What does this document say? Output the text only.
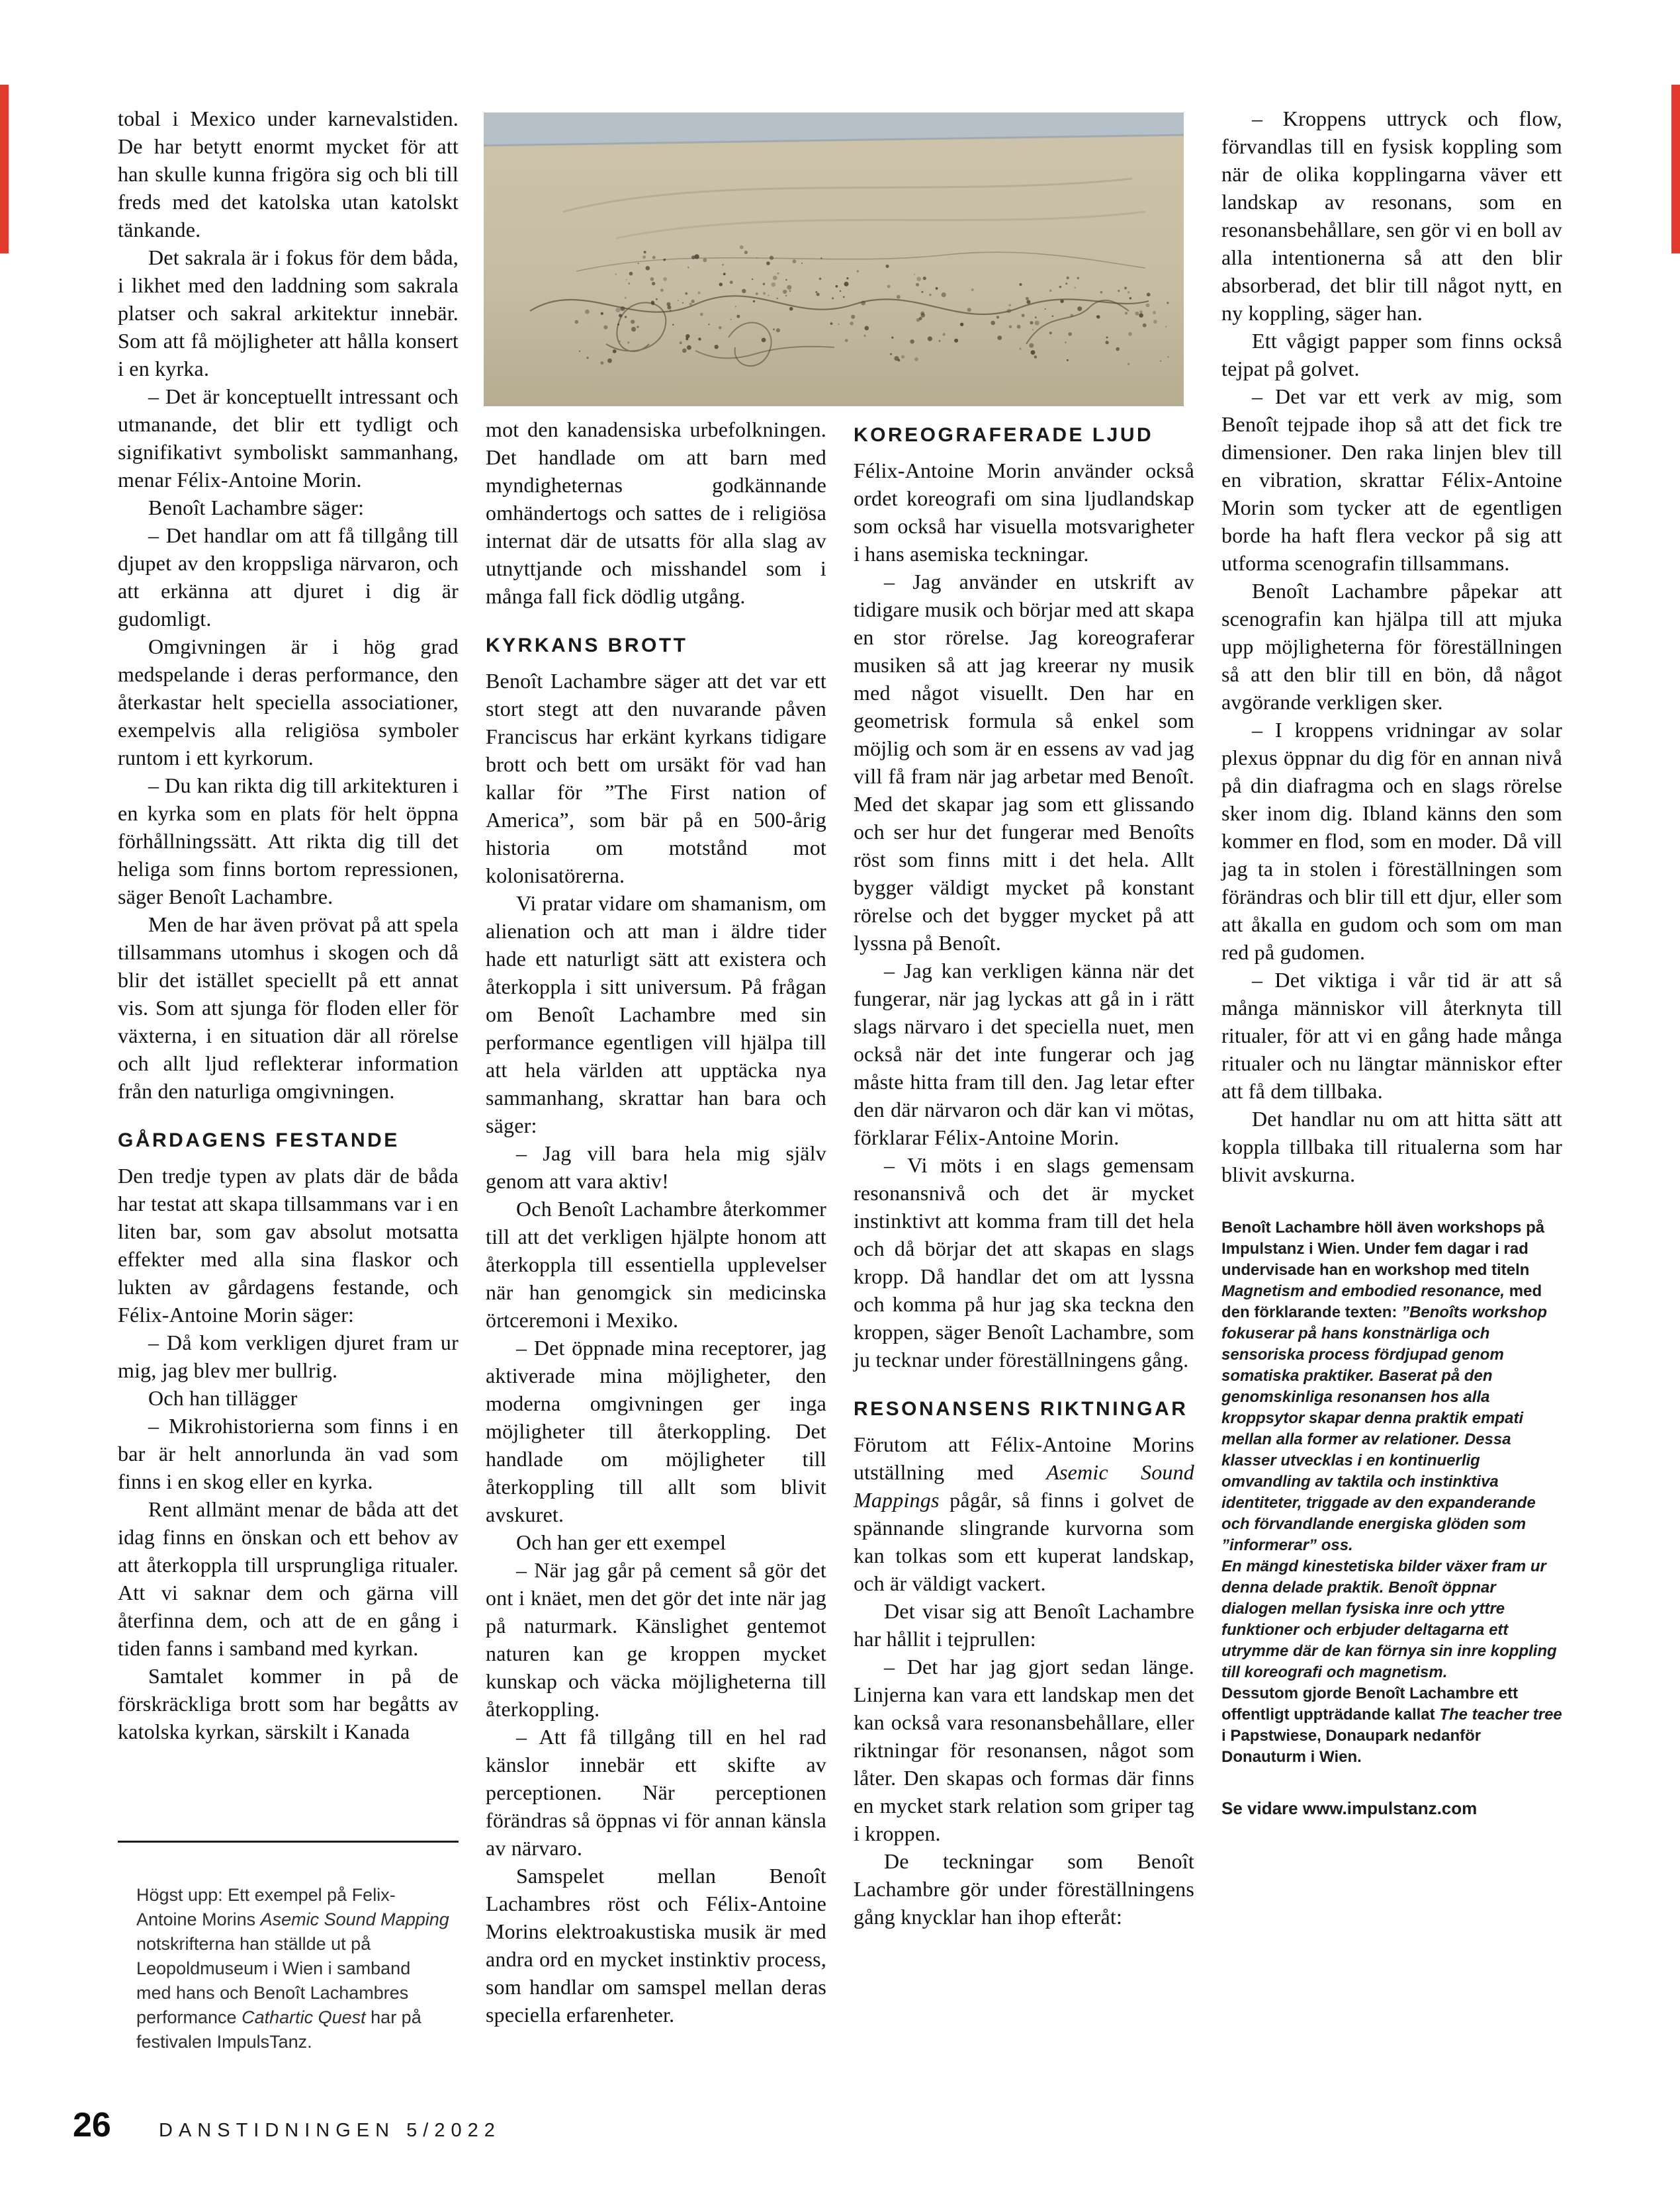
tobal i Mexico under karnevalstiden. De har betytt enormt mycket för att han skulle kunna frigöra sig och bli till freds med det katolska utan katolskt tänkande.

Det sakrala är i fokus för dem båda, i likhet med den laddning som sakrala platser och sakral arkitektur innebär. Som att få möjligheter att hålla konsert i en kyrka.

– Det är konceptuellt intressant och utmanande, det blir ett tydligt och signifikativt symboliskt sammanhang, menar Félix-Antoine Morin.

Benoît Lachambre säger:

– Det handlar om att få tillgång till djupet av den kroppsliga närvaron, och att erkänna att djuret i dig är gudomligt.

Omgivningen är i hög grad medspelande i deras performance, den återkastar helt speciella associationer, exempelvis alla religiösa symboler runtom i ett kyrkorum.

– Du kan rikta dig till arkitekturen i en kyrka som en plats för helt öppna förhållningssätt. Att rikta dig till det heliga som finns bortom repressionen, säger Benoît Lachambre.

Men de har även prövat på att spela tillsammans utomhus i skogen och då blir det istället speciellt på ett annat vis. Som att sjunga för floden eller för växterna, i en situation där all rörelse och allt ljud reflekterar information från den naturliga omgivningen.

GÅRDAGENS FESTANDE

Den tredje typen av plats där de båda har testat att skapa tillsammans var i en liten bar, som gav absolut motsatta effekter med alla sina flaskor och lukten av gårdagens festande, och Félix-Antoine Morin säger:

– Då kom verkligen djuret fram ur mig, jag blev mer bullrig.

Och han tillägger

– Mikrohistorierna som finns i en bar är helt annorlunda än vad som finns i en skog eller en kyrka.

Rent allmänt menar de båda att det idag finns en önskan och ett behov av att återkoppla till ursprungliga ritualer. Att vi saknar dem och gärna vill återfinna dem, och att de en gång i tiden fanns i samband med kyrkan.

Samtalet kommer in på de förskräckliga brott som har begåtts av katolska kyrkan, särskilt i Kanada

Högst upp: Ett exempel på Felix-Antoine Morins Asemic Sound Mapping notskrifterna han ställde ut på Leopoldmuseum i Wien i samband med hans och Benoît Lachambres performance Cathartic Quest har på festivalen ImpulsTanz.

mot den kanadensiska urbefolkningen. Det handlade om att barn med myndigheternas godkännande omhändertogs och sattes de i religiösa internat där de utsatts för alla slag av utnyttjande och misshandel som i många fall fick dödlig utgång.

KYRKANS BROTT

Benoît Lachambre säger att det var ett stort stegt att den nuvarande påven Franciscus har erkänt kyrkans tidigare brott och bett om ursäkt för vad han kallar för ”The First nation of America”, som bär på en 500-årig historia om motstånd mot kolonisatörerna.

Vi pratar vidare om shamanism, om alienation och att man i äldre tider hade ett naturligt sätt att existera och återkoppla i sitt universum. På frågan om Benoît Lachambre med sin performance egentligen vill hjälpa till att hela världen att upptäcka nya sammanhang, skrattar han bara och säger:

– Jag vill bara hela mig själv genom att vara aktiv!

Och Benoît Lachambre återkommer till att det verkligen hjälpte honom att återkoppla till essentiella upplevelser när han genomgick sin medicinska örtceremoni i Mexiko.

– Det öppnade mina receptorer, jag aktiverade mina möjligheter, den moderna omgivningen ger inga möjligheter till återkoppling. Det handlade om möjligheter till återkoppling till allt som blivit avskuret.

Och han ger ett exempel

– När jag går på cement så gör det ont i knäet, men det gör det inte när jag på naturmark. Känslighet gentemot naturen kan ge kroppen mycket kunskap och väcka möjligheterna till återkoppling.

– Att få tillgång till en hel rad känslor innebär ett skifte av perceptionen. När perceptionen förändras så öppnas vi för annan känsla av närvaro.

Samspelet mellan Benoît Lachambres röst och Félix-Antoine Morins elektroakustiska musik är med andra ord en mycket instinktiv process, som handlar om samspel mellan deras speciella erfarenheter.

KOREOGRAFERADE LJUD

Félix-Antoine Morin använder också ordet koreografi om sina ljudlandskap som också har visuella motsvarigheter i hans asemiska teckningar.

– Jag använder en utskrift av tidigare musik och börjar med att skapa en stor rörelse. Jag koreograferar musiken så att jag kreerar ny musik med något visuellt. Den har en geometrisk formula så enkel som möjlig och som är en essens av vad jag vill få fram när jag arbetar med Benoît. Med det skapar jag som ett glissando och ser hur det fungerar med Benoîts röst som finns mitt i det hela. Allt bygger väldigt mycket på konstant rörelse och det bygger mycket på att lyssna på Benoît.

– Jag kan verkligen känna när det fungerar, när jag lyckas att gå in i rätt slags närvaro i det speciella nuet, men också när det inte fungerar och jag måste hitta fram till den. Jag letar efter den där närvaron och där kan vi mötas, förklarar Félix-Antoine Morin.

– Vi möts i en slags gemensam resonansnivå och det är mycket instinktivt att komma fram till det hela och då börjar det att skapas en slags kropp. Då handlar det om att lyssna och komma på hur jag ska teckna den kroppen, säger Benoît Lachambre, som ju tecknar under föreställningens gång.

RESONANSENS RIKTNINGAR

Förutom att Félix-Antoine Morins utställning med Asemic Sound Mappings pågår, så finns i golvet de spännande slingrande kurvorna som kan tolkas som ett kuperat landskap, och är väldigt vackert.

Det visar sig att Benoît Lachambre har hållit i tejprullen:

– Det har jag gjort sedan länge. Linjerna kan vara ett landskap men det kan också vara resonansbehållare, eller riktningar för resonansen, något som låter. Den skapas och formas där finns en mycket stark relation som griper tag i kroppen.

De teckningar som Benoît Lachambre gör under föreställningens gång knycklar han ihop efteråt:

– Kroppens uttryck och flow, förvandlas till en fysisk koppling som när de olika kopplingarna väver ett landskap av resonans, som en resonansbehållare, sen gör vi en boll av alla intentionerna så att den blir absorberad, det blir till något nytt, en ny koppling, säger han.

Ett vågigt papper som finns också tejpat på golvet.

– Det var ett verk av mig, som Benoît tejpade ihop så att det fick tre dimensioner. Den raka linjen blev till en vibration, skrattar Félix-Antoine Morin som tycker att de egentligen borde ha haft flera veckor på sig att utforma scenografin tillsammans.

Benoît Lachambre påpekar att scenografin kan hjälpa till att mjuka upp möjligheterna för föreställningen så att den blir till en bön, då något avgörande verkligen sker.

– I kroppens vridningar av solar plexus öppnar du dig för en annan nivå på din diafragma och en slags rörelse sker inom dig. Ibland känns den som kommer en flod, som en moder. Då vill jag ta in stolen i föreställningen som förändras och blir till ett djur, eller som att åkalla en gudom och som om man red på gudomen.

– Det viktiga i vår tid är att så många människor vill återknyta till ritualer, för att vi en gång hade många ritualer och nu längtar människor efter att få dem tillbaka.

Det handlar nu om att hitta sätt att koppla tillbaka till ritualerna som har blivit avskurna.

Benoît Lachambre höll även workshops på Impulstanz i Wien. Under fem dagar i rad undervisade han en workshop med titeln Magnetism and embodied resonance, med den förklarande texten: ”Benoîts workshop fokuserar på hans konstnärliga och sensoriska process fördjupad genom somatiska praktiker. Baserat på den genomskinliga resonansen hos alla kroppsytor skapar denna praktik empati mellan alla former av relationer. Dessa klasser utvecklas i en kontinuerlig omvandling av taktila och instinktiva identiteter, triggade av den expanderande och förvandlande energiska glöden som ”informerar” oss.
En mängd kinestetiska bilder växer fram ur denna delade praktik. Benoît öppnar dialogen mellan fysiska inre och yttre funktioner och erbjuder deltagarna ett utrymme där de kan förnya sin inre koppling till koreografi och magnetism.
Dessutom gjorde Benoît Lachambre ett offentligt uppträdande kallat The teacher tree i Papstwiese, Donaupark nedanför Donauturm i Wien.
Se vidare www.impulstanz.com
26 DANSTIDNINGEN 5/2022
